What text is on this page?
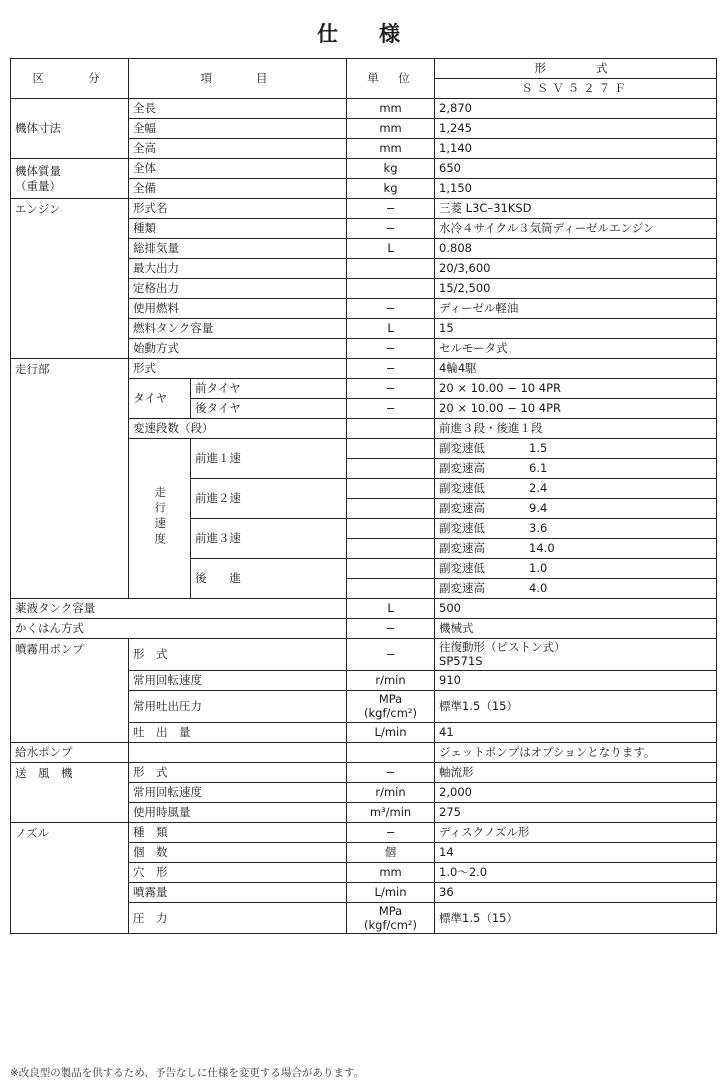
仕　様
区　　分	項　　目		単　位	形　　式
				ＳＳＶ５２７Ｆ
機体寸法	全長		mm	2,870
	全幅		mm	1,245
	全高		mm	1,140
機体質量
（重量）	全体		kg	650
	全備		kg	1,150
エンジン	形式名		−	三菱 L3C–31KSD
	種類		−	水冷４サイクル３気筒ディーゼルエンジン
	総排気量		L	0.808
	最大出力			20/3,600
	定格出力			15/2,500
	使用燃料		−	ディーゼル軽油
	燃料タンク容量		L	15
	始動方式		−	セルモータ式
走行部	形式		−	4輪4駆
	タイヤ	前タイヤ	−	20 × 10.00 − 10 4PR
		後タイヤ	−	20 × 10.00 − 10 4PR
	変速段数（段）			前進３段・後進１段
	走行速度	前進１速		副変速低 1.5

				副変速高 6.1

		前進２速		副変速低 2.4

				副変速高 9.4

		前進３速		副変速低 3.6

				副変速高 14.0

		後　　進		副変速低 1.0

				副変速高 4.0

薬液タンク容量			L	500
かくはん方式			−	機械式
噴霧用ポンプ	形　式		−	往復動形（ピストン式）
SP571S
	常用回転速度		r/min	910
	常用吐出圧力		MPa (kgf/cm²)	標準1.5（15）
	吐　出　量		L/min	41
給水ポンプ				ジェットポンプはオプションとなります。
送　風　機	形　式		−	軸流形
	常用回転速度		r/min	2,000
	使用時風量		m³/min	275
ノズル	種　類		−	ディスクノズル形
	個　数		個	14
	穴　形		mm	1.0〜2.0
	噴霧量		L/min	36
	圧　力		MPa (kgf/cm²)	標準1.5（15）
※改良型の製品を供するため、予告なしに仕様を変更する場合があります。
